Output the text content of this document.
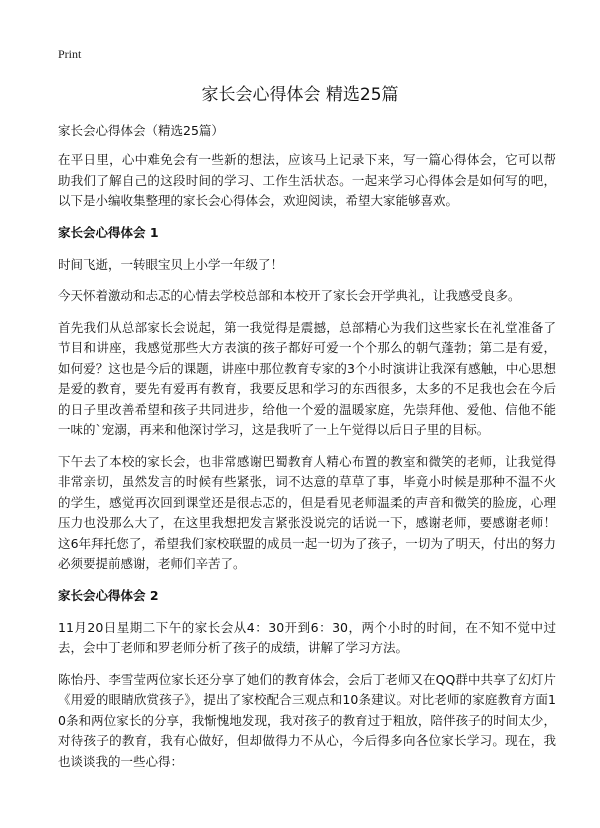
Print
家长会心得体会 精选25篇
家长会心得体会（精选25篇）

在平日里，心中难免会有一些新的想法，应该马上记录下来，写一篇心得体会，它可以帮助我们了解自己的这段时间的学习、工作生活状态。一起来学习心得体会是如何写的吧，以下是小编收集整理的家长会心得体会，欢迎阅读，希望大家能够喜欢。

家长会心得体会 1

时间飞逝，一转眼宝贝上小学一年级了！

今天怀着激动和忐忑的心情去学校总部和本校开了家长会开学典礼，让我感受良多。

首先我们从总部家长会说起，第一我觉得是震撼，总部精心为我们这些家长在礼堂准备了节目和讲座，我感觉那些大方表演的孩子都好可爱一个个那么的朝气蓬勃；第二是有爱，如何爱？这也是今后的课题，讲座中那位教育专家的3个小时演讲让我深有感触，中心思想是爱的教育，要先有爱再有教育，我要反思和学习的东西很多，太多的不足我也会在今后的日子里改善希望和孩子共同进步，给他一个爱的温暖家庭，先崇拜他、爱他、信他不能一味的`宠溺，再来和他深讨学习，这是我听了一上午觉得以后日子里的目标。

下午去了本校的家长会，也非常感谢巴蜀教育人精心布置的教室和微笑的老师，让我觉得非常亲切，虽然发言的时候有些紧张，词不达意的草草了事，毕竟小时候是那种不温不火的学生，感觉再次回到课堂还是很忐忑的，但是看见老师温柔的声音和微笑的脸庞，心理压力也没那么大了，在这里我想把发言紧张没说完的话说一下，感谢老师，要感谢老师！这6年拜托您了，希望我们家校联盟的成员一起一切为了孩子，一切为了明天，付出的努力必须要提前感谢，老师们辛苦了。

家长会心得体会 2

11月20日星期二下午的家长会从4：30开到6：30，两个小时的时间，在不知不觉中过去，会中丁老师和罗老师分析了孩子的成绩，讲解了学习方法。

陈怡丹、李雪莹两位家长还分享了她们的教育体会，会后丁老师又在QQ群中共享了幻灯片《用爱的眼睛欣赏孩子》，提出了家校配合三观点和10条建议。对比老师的家庭教育方面10条和两位家长的分享，我惭愧地发现，我对孩子的教育过于粗放，陪伴孩子的时间太少，对待孩子的教育，我有心做好，但却做得力不从心，今后得多向各位家长学习。现在，我也谈谈我的一些心得：
